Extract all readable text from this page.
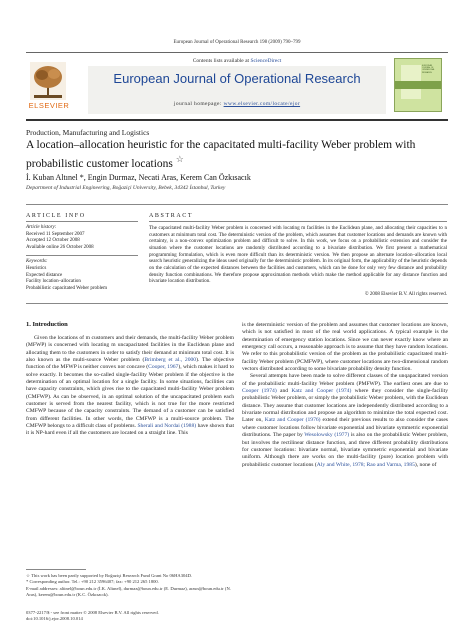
European Journal of Operational Research 198 (2009) 790–799
Contents lists available at ScienceDirect
ELSEVIER
European Journal of Operational Research
journal homepage: www.elsevier.com/locate/ejor
EUROPEAN JOURNAL OF OPERATIONAL RESEARCH
Production, Manufacturing and Logistics
A location–allocation heuristic for the capacitated multi-facility Weber problem with probabilistic customer locations ☆
İ. Kuban Altınel *, Engin Durmaz, Necati Aras, Kerem Can Özkısacık
Department of Industrial Engineering, Boğaziçi University, Bebek, 34342 İstanbul, Turkey
ARTICLE INFO	ABSTRACT
Article history:
Received 11 September 2007
Accepted 12 October 2008
Available online 26 October 2008
Keywords:
Heuristics
Expected distance
Facility location–allocation
Probabilistic capacitated Weber problem
The capacitated multi-facility Weber problem is concerned with locating m facilities in the Euclidean plane, and allocating their capacities to n customers at minimum total cost. The deterministic version of the problem, which assumes that customer locations and demands are known with certainty, is a non-convex optimization problem and difficult to solve. In this work, we focus on a probabilistic extension and consider the situation where the customer locations are randomly distributed according to a bivariate distribution. We first present a mathematical programming formulation, which is even more difficult than its deterministic version. We then propose an alternate location–allocation local search heuristic generalizing the ideas used originally for the deterministic problem. In its original form, the applicability of the heuristic depends on the calculation of the expected distances between the facilities and customers, which can be done for only very few distance and probability density function combinations. We therefore propose approximation methods which make the method applicable for any distance function and bivariate location distribution.
© 2008 Elsevier B.V. All rights reserved.
1. Introduction

Given the locations of m customers and their demands, the multi-facility Weber problem (MFWP) is concerned with locating m uncapacitated facilities in the Euclidean plane and allocating them to the customers in order to satisfy their demand at minimum total cost. It is also known as the multi-source Weber problem (Brimberg et al., 2000). The objective function of the MFWP is neither convex nor concave (Cooper, 1967), which makes it hard to solve exactly. It becomes the so-called single-facility Weber problem if the objective is the determination of an optimal location for a single facility. In some situations, facilities can have capacity constraints, which gives rise to the capacitated multi-facility Weber problem (CMFWP). As can be observed, in an optimal solution of the uncapacitated problem each customer is served from the nearest facility, which is not true for the more restricted CMFWP because of the capacity constraints. The demand of a customer can be satisfied from different facilities. In other words, the CMFWP is a multi-source problem. The CMFWP belongs to a difficult class of problems. Sherali and Nordai (1988) have shown that it is NP-hard even if all the customers are located on a straight line. This

is the deterministic version of the problem and assumes that customer locations are known, which is not satisfied in most of the real world applications. A typical example is the determination of emergency station locations. Since we can never exactly know where an emergency call occurs, a reasonable approach is to assume that they have random locations. We refer to this probabilistic version of the problem as the probabilistic capacitated multi-facility Weber problem (PCMFWP), where customer locations are two-dimensional random vectors distributed according to some bivariate probability density function.

Several attempts have been made to solve different classes of the unqapacitated version of the probabilistic multi-facility Weber problem (PMFWP). The earliest ones are due to Cooper (1974) and Katz and Cooper (1974) where they consider the single-facility probabilistic Weber problem, or simply the probabilistic Weber problem, with the Euclidean distance. They assume that customer locations are independently distributed according to a bivariate normal distribution and propose an algorithm to minimize the total expected cost. Later on, Katz and Cooper (1976) extend their previous results to also consider the cases where customer locations follow bivariate exponential and bivariate symmetric exponential distributions. The paper by Wesolowsky (1977) is also on the probabilistic Weber problem, but involves the rectilinear distance function, and three different probability distributions for customer locations: bivariate normal, bivariate symmetric exponential and bivariate uniform. Although there are works on the multi-facility (pure) location problem with probabilistic customer locations (Aly and White, 1978; Rao and Varma, 1985), none of

☆ This work has been partly supported by Boğaziçi Research Fund Grant No 06HA304D.
* Corresponding author. Tel.: +90 212 3596407; fax: +90 212 265 1800.
E-mail addresses: altinel@boun.edu.tr (İ.K. Altınel), durmaz@boun.edu.tr (E. Durmaz), arasn@boun.edu.tr (N. Aras), kerem@boun.edu.tr (K.C. Özkısacık).
0377-2217/$ - see front matter © 2008 Elsevier B.V. All rights reserved.
doi:10.1016/j.ejor.2008.10.014
